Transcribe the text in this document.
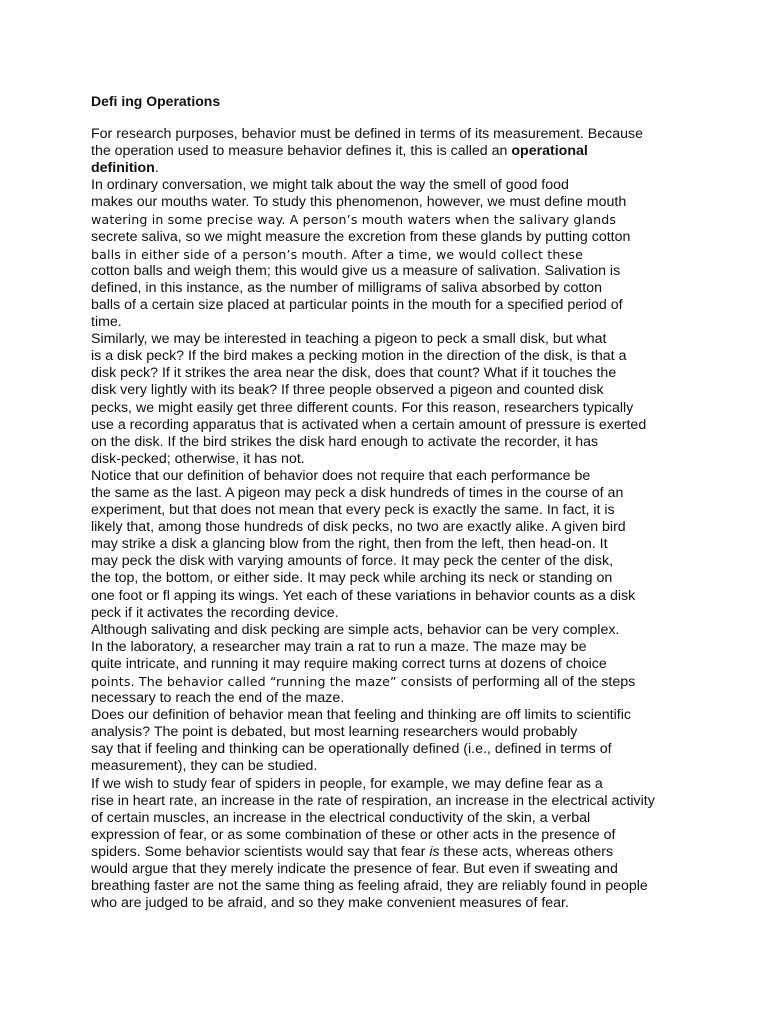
Defi ing Operations
For research purposes, behavior must be defined in terms of its measurement. Because
the operation used to measure behavior defines it, this is called an operational
definition.
In ordinary conversation, we might talk about the way the smell of good food
makes our mouths water. To study this phenomenon, however, we must define mouth
watering in some precise way. A person’s mouth waters when the salivary glands
secrete saliva, so we might measure the excretion from these glands by putting cotton
balls in either side of a person’s mouth. After a time, we would collect these
cotton balls and weigh them; this would give us a measure of salivation. Salivation is
defined, in this instance, as the number of milligrams of saliva absorbed by cotton
balls of a certain size placed at particular points in the mouth for a specified period of
time.
Similarly, we may be interested in teaching a pigeon to peck a small disk, but what
is a disk peck? If the bird makes a pecking motion in the direction of the disk, is that a
disk peck? If it strikes the area near the disk, does that count? What if it touches the
disk very lightly with its beak? If three people observed a pigeon and counted disk
pecks, we might easily get three different counts. For this reason, researchers typically
use a recording apparatus that is activated when a certain amount of pressure is exerted
on the disk. If the bird strikes the disk hard enough to activate the recorder, it has
disk-pecked; otherwise, it has not.
Notice that our definition of behavior does not require that each performance be
the same as the last. A pigeon may peck a disk hundreds of times in the course of an
experiment, but that does not mean that every peck is exactly the same. In fact, it is
likely that, among those hundreds of disk pecks, no two are exactly alike. A given bird
may strike a disk a glancing blow from the right, then from the left, then head-on. It
may peck the disk with varying amounts of force. It may peck the center of the disk,
the top, the bottom, or either side. It may peck while arching its neck or standing on
one foot or fl apping its wings. Yet each of these variations in behavior counts as a disk
peck if it activates the recording device.
Although salivating and disk pecking are simple acts, behavior can be very complex.
In the laboratory, a researcher may train a rat to run a maze. The maze may be
quite intricate, and running it may require making correct turns at dozens of choice
points. The behavior called “running the maze” consists of performing all of the steps
necessary to reach the end of the maze.
Does our definition of behavior mean that feeling and thinking are off limits to scientific
analysis? The point is debated, but most learning researchers would probably
say that if feeling and thinking can be operationally defined (i.e., defined in terms of
measurement), they can be studied.
If we wish to study fear of spiders in people, for example, we may define fear as a
rise in heart rate, an increase in the rate of respiration, an increase in the electrical activity
of certain muscles, an increase in the electrical conductivity of the skin, a verbal
expression of fear, or as some combination of these or other acts in the presence of
spiders. Some behavior scientists would say that fear is these acts, whereas others
would argue that they merely indicate the presence of fear. But even if sweating and
breathing faster are not the same thing as feeling afraid, they are reliably found in people
who are judged to be afraid, and so they make convenient measures of fear.
